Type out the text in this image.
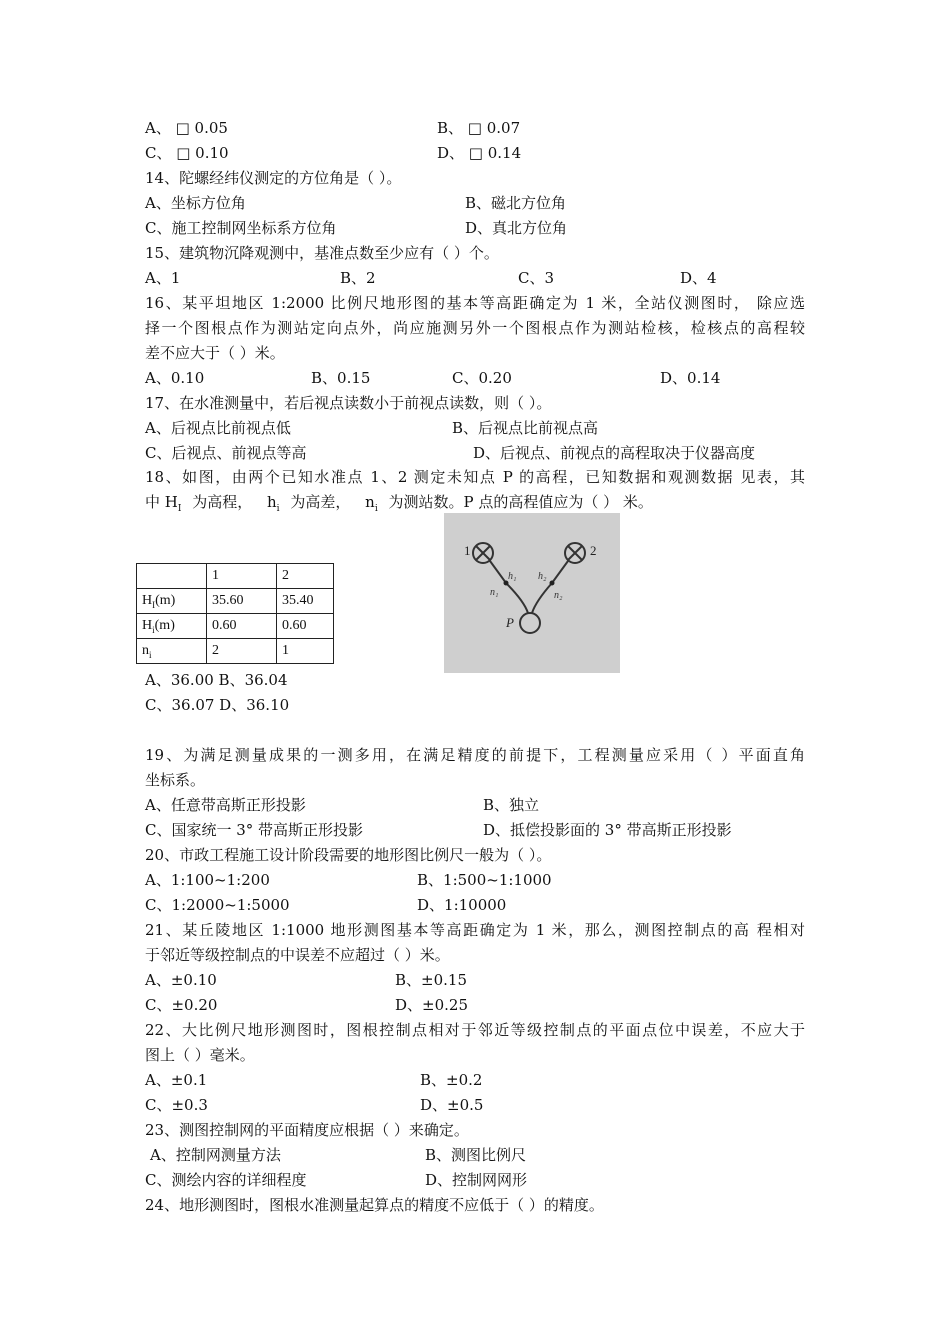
A、 □ 0.05	B、 □ 0.07
C、 □ 0.10	D、 □ 0.14
14、陀螺经纬仪测定的方位角是（ ）。
A、坐标方位角	B、磁北方位角
C、施工控制网坐标系方位角	D、真北方位角
15、建筑物沉降观测中，基准点数至少应有（ ）个。
A、1	B、2	C、3	D、4
16、某平坦地区 1:2000 比例尺地形图的基本等高距确定为 1 米，全站仪测图时， 除应选
择一个图根点作为测站定向点外，尚应施测另外一个图根点作为测站检核，检核点的高程较
差不应大于（ ）米。
A、0.10	B、0.15	C、0.20	D、0.14
17、在水准测量中，若后视点读数小于前视点读数，则（ ）。
A、后视点比前视点低	B、后视点比前视点高
C、后视点、前视点等高	D、后视点、前视点的高程取决于仪器高度
18、如图，由两个已知水准点 1、2 测定未知点 P 的高程，已知数据和观测数据 见表，其
中 $H_I$ 为高程， $h_i$ 为高差， $n_i$ 为测站数。P 点的高程值应为（ ） 米。
	1	2
$H_I(m)$	35.60	35.40
$H_i(m)$	0.60	0.60
$n_i$	2	1
1	2
h₁ h₂
n₁	n₂
P
A、36.00 B、36.04
C、36.07 D、36.10
19、为满足测量成果的一测多用，在满足精度的前提下，工程测量应采用（ ）平面直角
坐标系。
A、任意带高斯正形投影	B、独立
C、国家统一 3° 带高斯正形投影	D、抵偿投影面的 3° 带高斯正形投影
20、市政工程施工设计阶段需要的地形图比例尺一般为（ ）。
A、1:100~1:200	B、1:500~1:1000
C、1:2000~1:5000	D、1:10000
21、某丘陵地区 1:1000 地形测图基本等高距确定为 1 米，那么，测图控制点的高 程相对
于邻近等级控制点的中误差不应超过（ ）米。
A、±0.10	B、±0.15
C、±0.20	D、±0.25
22、大比例尺地形测图时，图根控制点相对于邻近等级控制点的平面点位中误差，不应大于
图上（ ）毫米。
A、±0.1	B、±0.2
C、±0.3	D、±0.5
23、测图控制网的平面精度应根据（ ）来确定。
A、控制网测量方法	B、测图比例尺
C、测绘内容的详细程度	D、控制网网形
24、地形测图时，图根水准测量起算点的精度不应低于（ ）的精度。
